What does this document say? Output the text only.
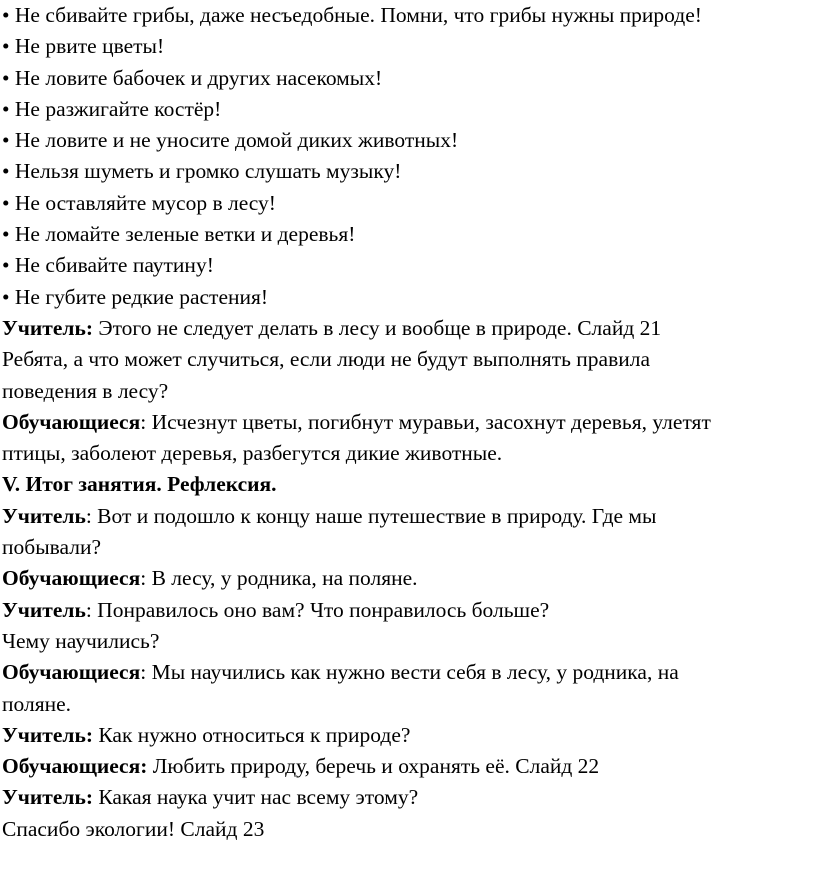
• Не сбивайте грибы, даже несъедобные. Помни, что грибы нужны природе!
• Не рвите цветы!
• Не ловите бабочек и других насекомых!
• Не разжигайте костёр!
• Не ловите и не уносите домой диких животных!
• Нельзя шуметь и громко слушать музыку!
• Не оставляйте мусор в лесу!
• Не ломайте зеленые ветки и деревья!
• Не сбивайте паутину!
• Не губите редкие растения!
Учитель: Этого не следует делать в лесу и вообще в природе. Слайд 21
Ребята, а что может случиться, если люди не будут выполнять правила
поведения в лесу?
Обучающиеся: Исчезнут цветы, погибнут муравьи, засохнут деревья, улетят
птицы, заболеют деревья, разбегутся дикие животные.
V. Итог занятия. Рефлексия.
Учитель: Вот и подошло к концу наше путешествие в природу. Где мы
побывали?
Обучающиеся: В лесу, у родника, на поляне.
Учитель: Понравилось оно вам? Что понравилось больше?
Чему научились?
Обучающиеся: Мы научились как нужно вести себя в лесу, у родника, на
поляне.
Учитель: Как нужно относиться к природе?
Обучающиеся: Любить природу, беречь и охранять её. Слайд 22
Учитель: Какая наука учит нас всему этому?
Спасибо экологии! Слайд 23
